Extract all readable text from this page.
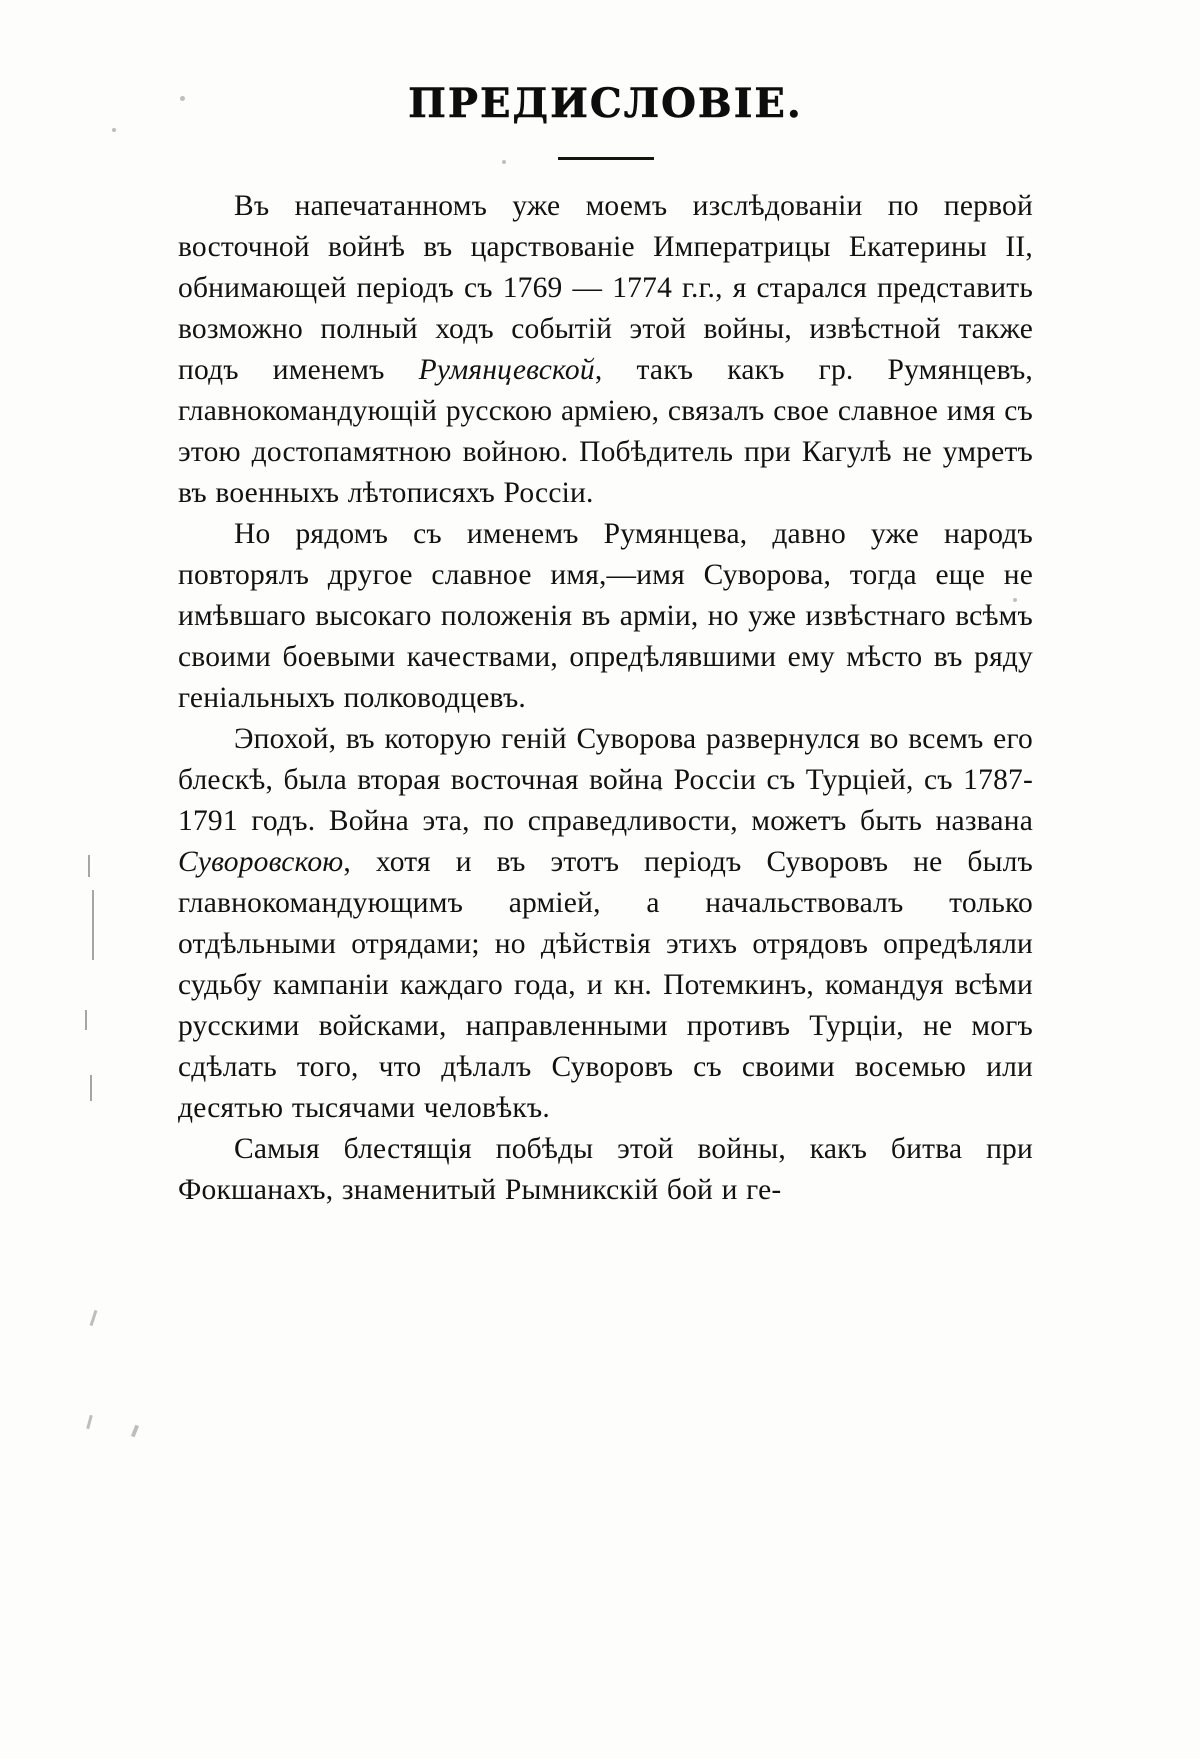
ПРЕДИСЛОВІЕ.

Въ напечатанномъ уже моемъ изслѣдованіи по первой восточной войнѣ въ царствованіе Императрицы Екатерины II, обнимающей періодъ съ 1769 — 1774 г.г., я старался представить возможно полный ходъ событій этой войны, извѣстной также подъ именемъ Румянцевской, такъ какъ гр. Румянцевъ, главнокомандующій русскою арміею, связалъ свое славное имя съ этою достопамятною войною. Побѣдитель при Кагулѣ не умретъ въ военныхъ лѣтописяхъ Россіи.

Но рядомъ съ именемъ Румянцева, давно уже народъ повторялъ другое славное имя,—имя Суворова, тогда еще не имѣвшаго высокаго положенія въ арміи, но уже извѣстнаго всѣмъ своими боевыми качествами, опредѣлявшими ему мѣсто въ ряду геніальныхъ полководцевъ.

Эпохой, въ которую геній Суворова развернулся во всемъ его блескѣ, была вторая восточная война Россіи съ Турціей, съ 1787-1791 годъ. Война эта, по справедливости, можетъ быть названа Суворовскою, хотя и въ этотъ періодъ Суворовъ не былъ главнокомандующимъ арміей, а начальствовалъ только отдѣльными отрядами; но дѣйствія этихъ отрядовъ опредѣляли судьбу кампаніи каждаго года, и кн. Потемкинъ, командуя всѣми русскими войсками, направленными противъ Турціи, не могъ сдѣлать того, что дѣлалъ Суворовъ съ своими восемью или десятью тысячами человѣкъ.

Самыя блестящія побѣды этой войны, какъ битва при Фокшанахъ, знаменитый Рымникскій бой и ге-
